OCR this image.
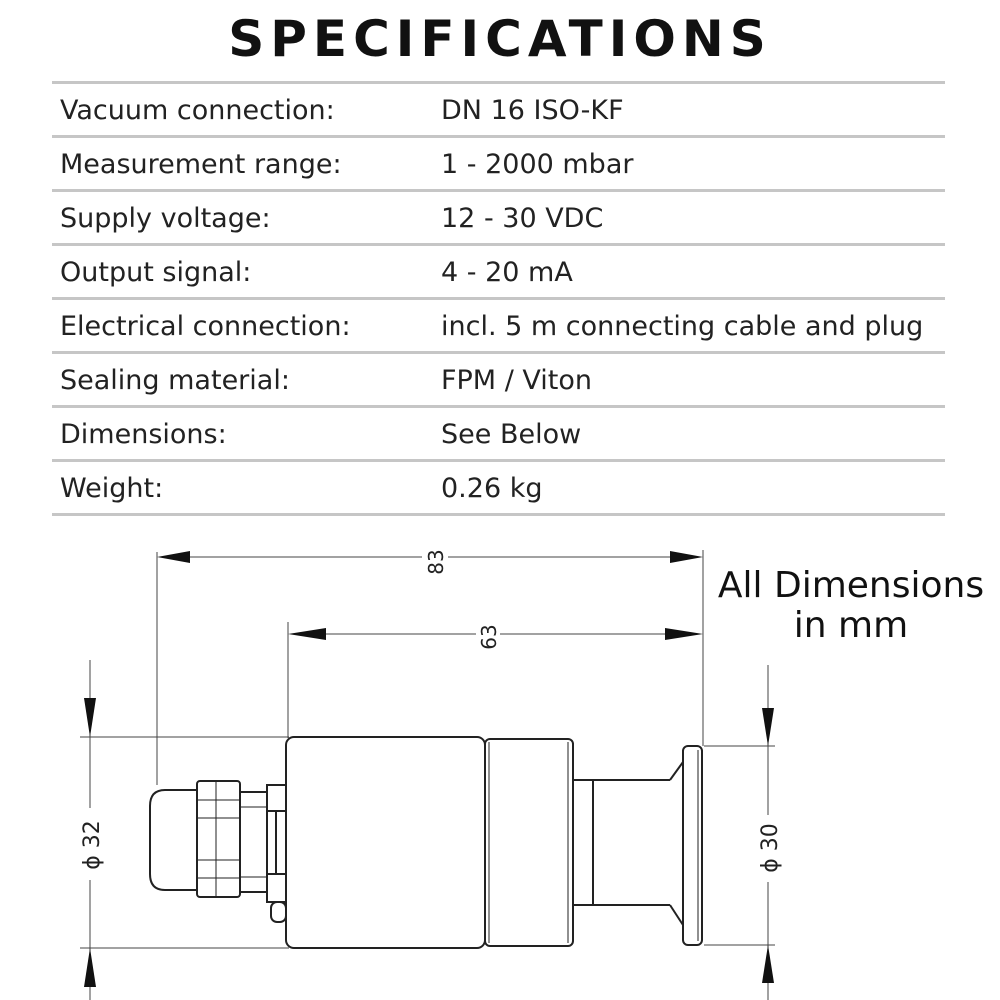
SPECIFICATIONS
Vacuum connection:	DN 16 ISO-KF
Measurement range:	1 - 2000 mbar
Supply voltage:	12 - 30 VDC
Output signal:	4 - 20 mA
Electrical connection:	incl. 5 m connecting cable and plug
Sealing material:	FPM / Viton
Dimensions:	See Below
Weight:	0.26 kg
83
63
ϕ 32	ϕ 30
All Dimensions
in mm
